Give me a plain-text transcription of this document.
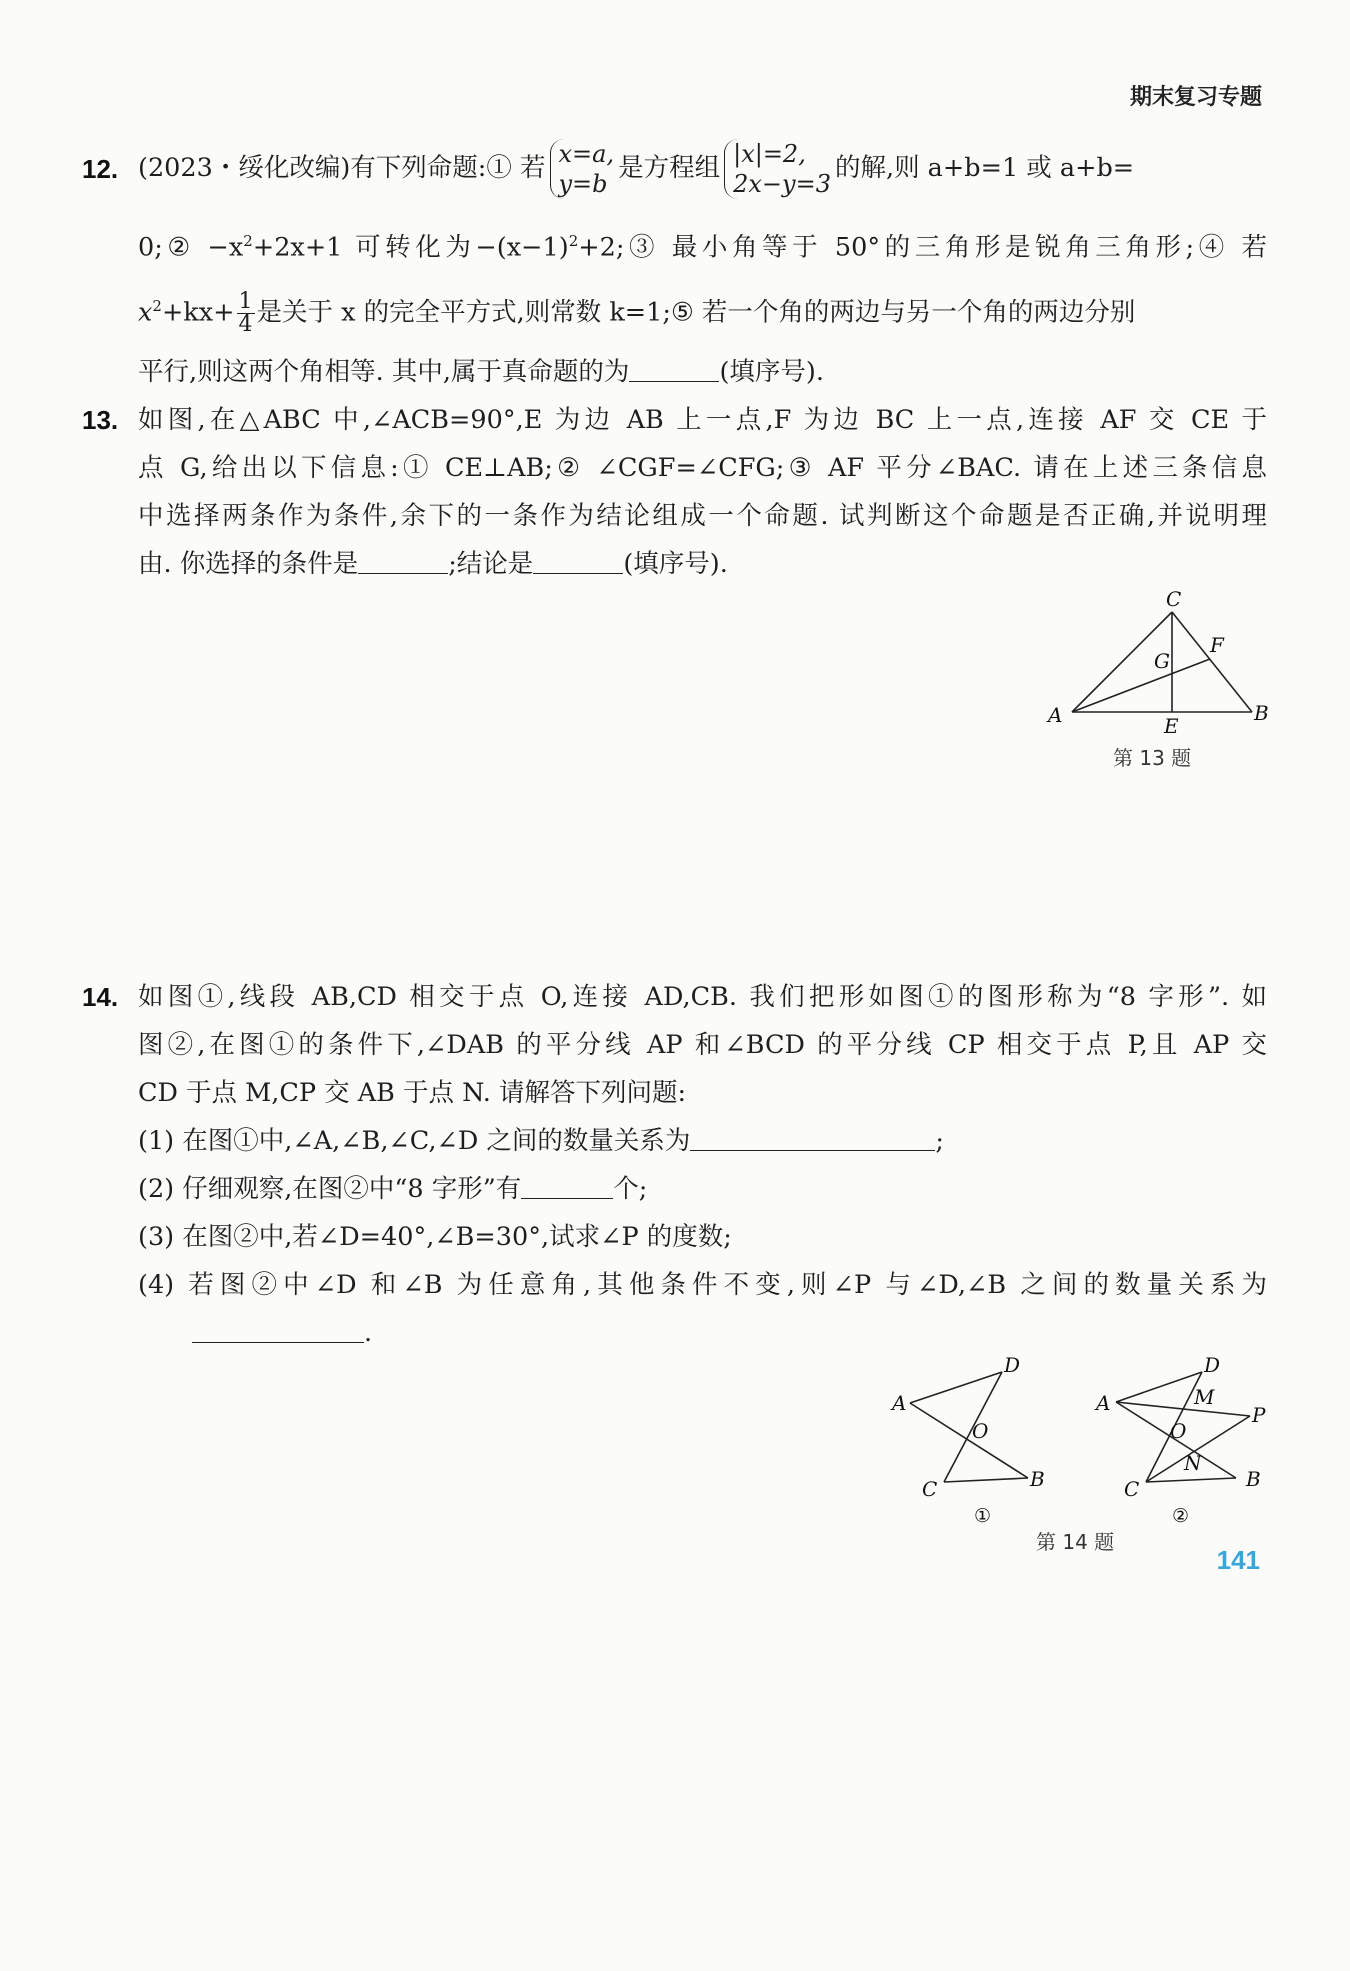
期末复习专题
12. (2023・绥化改编)有下列命题:① 若 x=a,
y=b
是方程组 |x|=2,
2x−y=3
的解,则 a+b=1 或 a+b=
0;② $-x^2+2x+1$ 可转化为$-(x-1)^2+2;③$ 最小角等于 50°的三角形是锐角三角形;④ 若
$x^2+kx+ \frac{1}{4}$ 是关于 x 的完全平方式,则常数 k=1;⑤ 若一个角的两边与另一个角的两边分别
平行,则这两个角相等. 其中,属于真命题的为	(填序号).
13. 如图,在△ABC 中,∠ACB=90°,E 为边 AB 上一点,F 为边 BC 上一点,连接 AF 交 CE 于
点 G,给出以下信息:① CE⊥AB;② ∠CGF=∠CFG;③ AF 平分∠BAC. 请在上述三条信息
中选择两条作为条件,余下的一条作为结论组成一个命题. 试判断这个命题是否正确,并说明理
由. 你选择的条件是	;结论是	(填序号).
C
F
G
A	E
B
第 13 题
14. 如图①,线段 AB,CD 相交于点 O,连接 AD,CB. 我们把形如图①的图形称为“8 字形”. 如
图②,在图①的条件下,∠DAB 的平分线 AP 和∠BCD 的平分线 CP 相交于点 P,且 AP 交
CD 于点 M,CP 交 AB 于点 N. 请解答下列问题:
(1) 在图①中,∠A,∠B,∠C,∠D 之间的数量关系为	;
(2) 仔细观察,在图②中“8 字形”有	个;
(3) 在图②中,若∠D=40°,∠B=30°,试求∠P 的度数;
(4) 若图②中∠D 和∠B 为任意角,其他条件不变,则∠P 与∠D,∠B 之间的数量关系为
.
A
D
O
C	B
①
A
D
M
P
O
N
C	B
②
第 14 题
141
